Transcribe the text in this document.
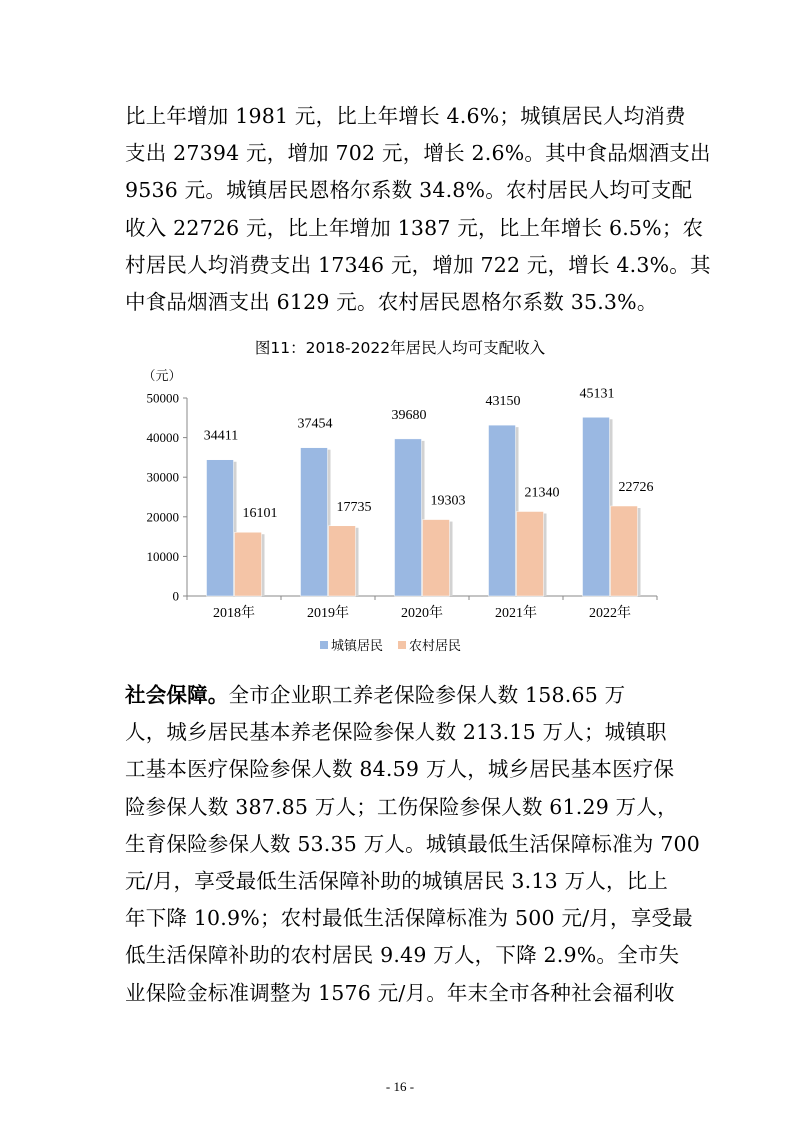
比上年增加 1981 元，比上年增长 4.6%；城镇居民人均消费
支出 27394 元，增加 702 元，增长 2.6%。其中食品烟酒支出
9536 元。城镇居民恩格尔系数 34.8%。农村居民人均可支配
收入 22726 元，比上年增加 1387 元，比上年增长 6.5%；农
村居民人均消费支出 17346 元，增加 722 元，增长 4.3%。其
中食品烟酒支出 6129 元。农村居民恩格尔系数 35.3%。
图11：2018-2022年居民人均可支配收入
（元）
0
10000
20000
30000
40000
50000
2018年	2019年	2020年	2021年	2022年
34411
16101
37454
17735
39680
19303
43150
21340
45131
22726
城镇居民 农村居民
社会保障。全市企业职工养老保险参保人数 158.65 万
人，城乡居民基本养老保险参保人数 213.15 万人；城镇职
工基本医疗保险参保人数 84.59 万人，城乡居民基本医疗保
险参保人数 387.85 万人；工伤保险参保人数 61.29 万人，
生育保险参保人数 53.35 万人。城镇最低生活保障标准为 700
元/月，享受最低生活保障补助的城镇居民 3.13 万人，比上
年下降 10.9%；农村最低生活保障标准为 500 元/月，享受最
低生活保障补助的农村居民 9.49 万人，下降 2.9%。全市失
业保险金标准调整为 1576 元/月。年末全市各种社会福利收
- 16 -
